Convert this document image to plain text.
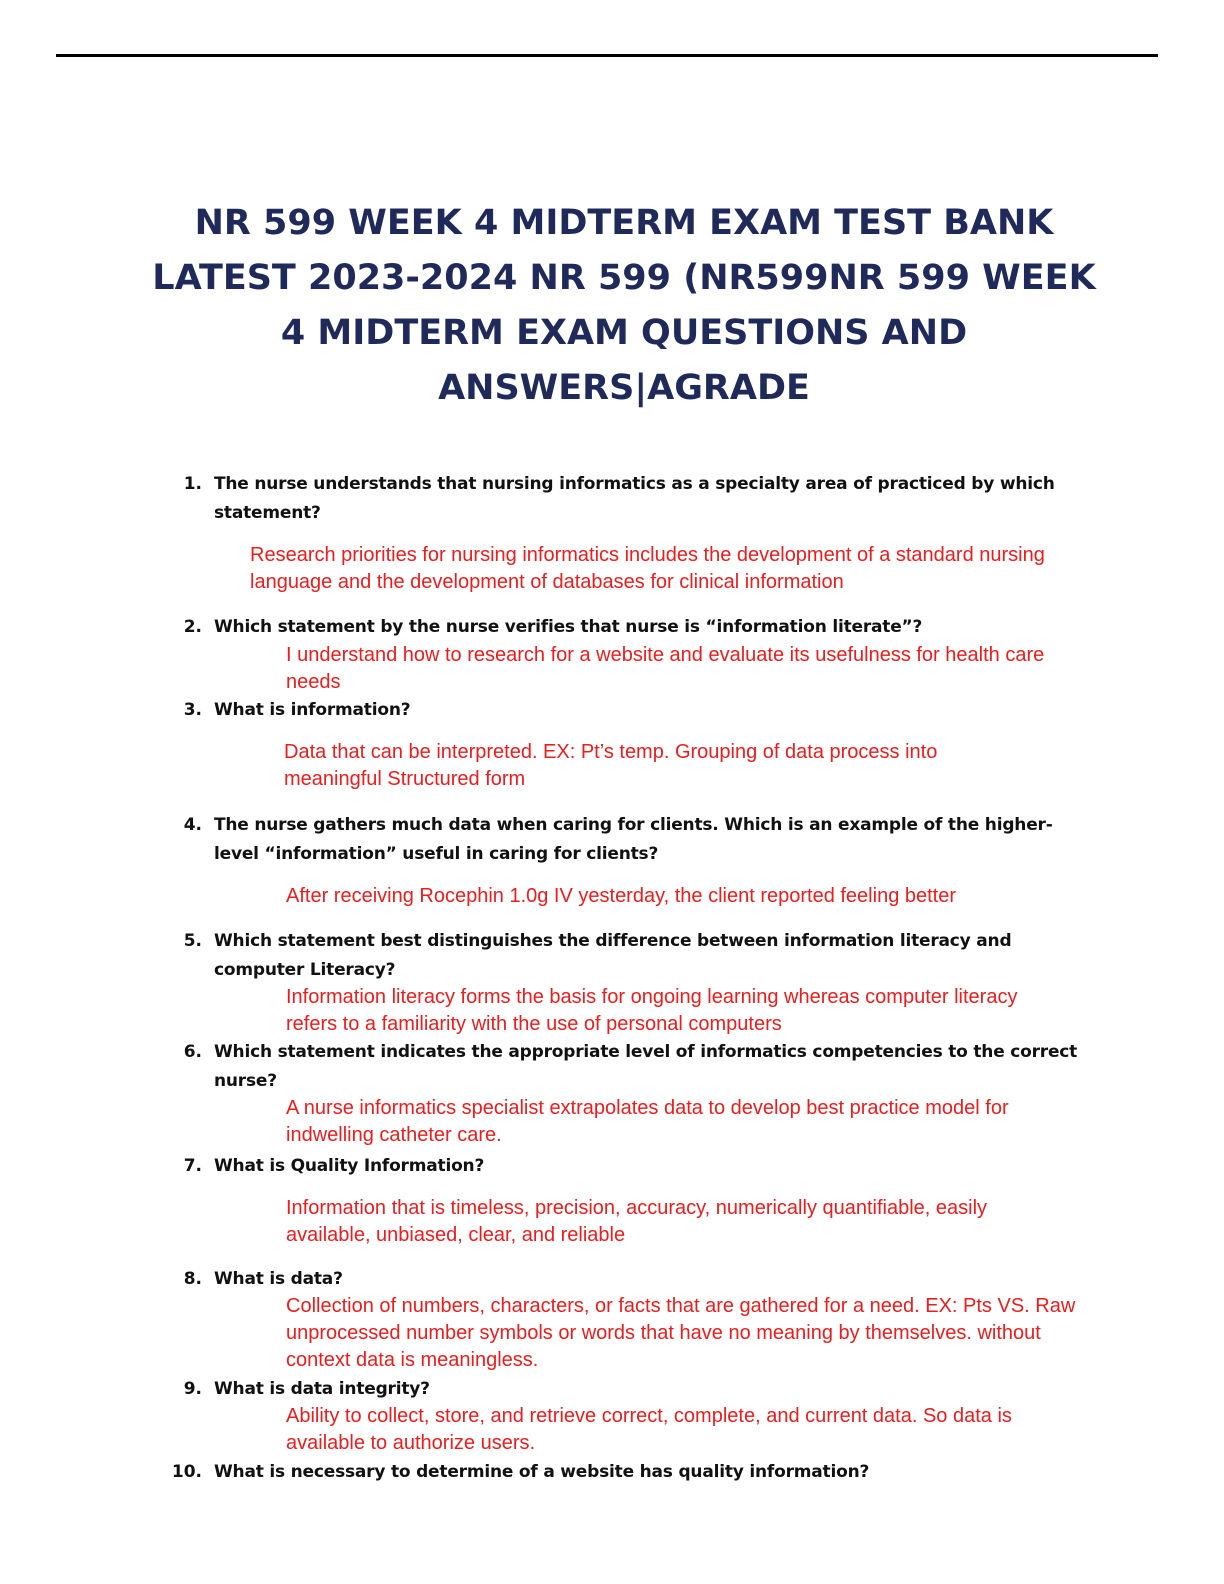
NR 599 WEEK 4 MIDTERM EXAM TEST BANK
LATEST 2023-2024 NR 599 (NR599NR 599 WEEK
4 MIDTERM EXAM QUESTIONS AND
ANSWERS|AGRADE
1. The nurse understands that nursing informatics as a specialty area of practiced by which statement?
Research priorities for nursing informatics includes the development of a standard nursing language and the development of databases for clinical information
2. Which statement by the nurse verifies that nurse is “information literate”?
I understand how to research for a website and evaluate its usefulness for health care needs
3. What is information?
Data that can be interpreted. EX: Pt’s temp. Grouping of data process into meaningful Structured form
4. The nurse gathers much data when caring for clients. Which is an example of the higher-level “information” useful in caring for clients?
After receiving Rocephin 1.0g IV yesterday, the client reported feeling better
5. Which statement best distinguishes the difference between information literacy and computer Literacy?
Information literacy forms the basis for ongoing learning whereas computer literacy refers to a familiarity with the use of personal computers
6. Which statement indicates the appropriate level of informatics competencies to the correct nurse?
A nurse informatics specialist extrapolates data to develop best practice model for indwelling catheter care.
7. What is Quality Information?
Information that is timeless, precision, accuracy, numerically quantifiable, easily available, unbiased, clear, and reliable
8. What is data?
Collection of numbers, characters, or facts that are gathered for a need. EX: Pts VS. Raw unprocessed number symbols or words that have no meaning by themselves. without context data is meaningless.
9. What is data integrity?
Ability to collect, store, and retrieve correct, complete, and current data. So data is available to authorize users.
10. What is necessary to determine of a website has quality information?
